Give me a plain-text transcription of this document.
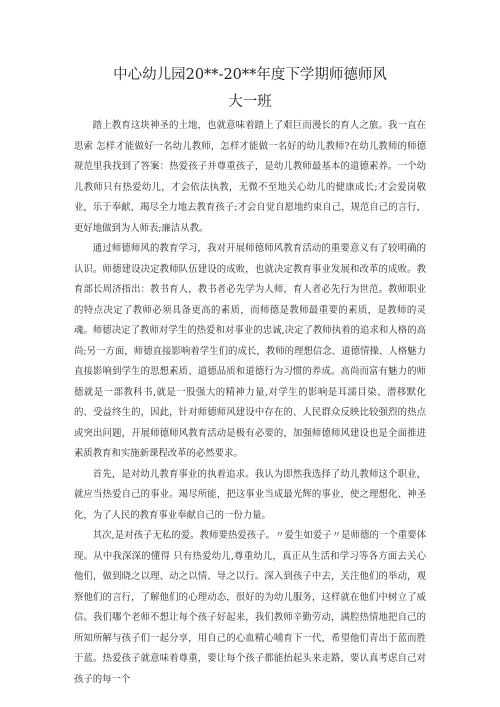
中心幼儿园20**-20**年度下学期师德师风
大一班

踏上教育这块神圣的土地，也就意味着踏上了艰巨而漫长的育人之旅。我一直在思索 怎样才能做好一名幼儿教师，怎样才能做一名好的幼儿教师?在幼儿教师的师德规范里我找到了答案：热爱孩子并尊重孩子，是幼儿教师最基本的道德素养。一个幼儿教师只有热爱幼儿，才会依法执教，无微不至地关心幼儿的健康成长;才会爱岗敬业，乐于奉献，竭尽全力地去教育孩子;才会自觉自愿地约束自己，规范自己的言行，更好地做到为人师表;廉洁从教。

通过师德师风的教育学习，我对开展师德师风教育活动的重要意义有了较明确的认识。师德建设决定教师队伍建设的成败，也就决定教育事业发展和改革的成败。教育部长周济指出：教书育人，教书者必先学为人师，育人者必先行为世范。教师职业的特点决定了教师必须具备更高的素质，而师德是教师最重要的素质，是教师的灵魂。师德决定了教师对学生的热爱和对事业的忠诚,决定了教师执着的追求和人格的高尚;另一方面，师德直接影响着学生们的成长，教师的理想信念、道德情操、人格魅力直接影响到学生的思想素质、道德品质和道德行为习惯的养成。高尚而富有魅力的师德就是一部教科书,就是一股强大的精神力量,对学生的影响是耳濡目染、潜移默化的、受益终生的，因此，针对师德师风建设中存在的、人民群众反映比较强烈的热点或突出问题，开展师德师风教育活动是极有必要的，加强师德师风建设也是全面推进素质教育和实施新课程改革的必然要求。

首先，是对幼儿教育事业的执着追求。我认为即然我选择了幼儿教师这个职业，就应当热爱自己的事业。竭尽所能，把这事业当成最光辉的事业，使之理想化、神圣化，为了人民的教育事业奉献自己的一份力量。

其次,是对孩子无私的爱。教师要热爱孩子。〃爱生如爱子〃是师德的一个重要体现。从中我深深的懂得 只有热爱幼儿,尊重幼儿，真正从生活和学习等各方面去关心他们，做到晓之以理、动之以情、导之以行。深入到孩子中去，关注他们的举动，观察他们的言行，了解他们的心理动态，很好的为幼儿服务，这样就在他们中树立了威信。我们哪个老师不想让每个孩子好起来，我们教师辛勤劳动，满腔热情地把自己的所知所解与孩子们一起分享，用自己的心血精心哺育下一代，希望他们青出于蓝而胜于蓝。热爱孩子就意味着尊重，要让每个孩子都能抬起头来走路，要认真考虑自己对孩子的每一个
